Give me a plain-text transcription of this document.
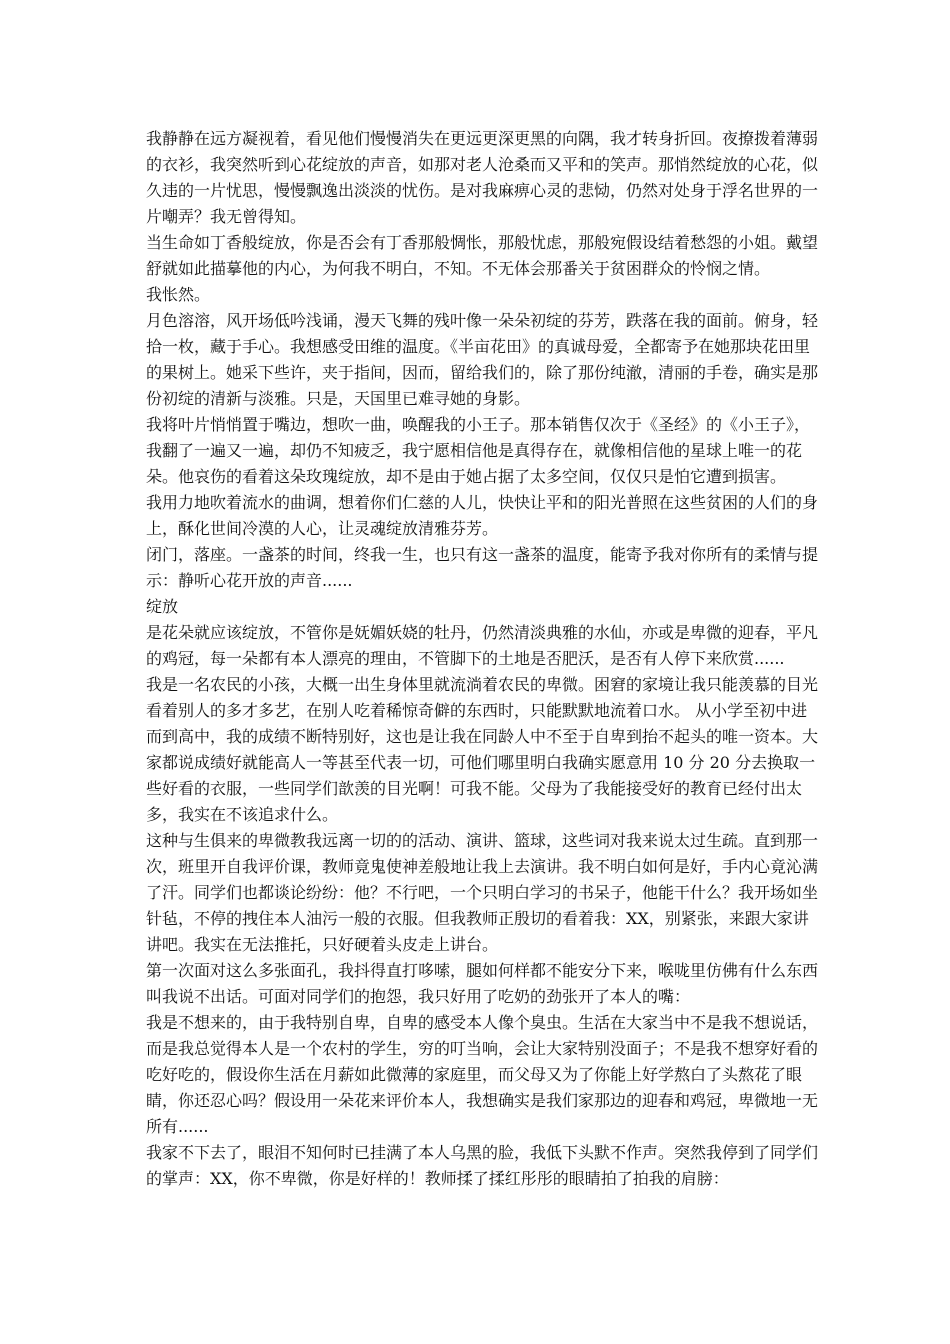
我静静在远方凝视着，看见他们慢慢消失在更远更深更黑的向隅，我才转身折回。夜撩拨着薄弱的衣衫，我突然听到心花绽放的声音，如那对老人沧桑而又平和的笑声。那悄然绽放的心花，似久违的一片忧思，慢慢飘逸出淡淡的忧伤。是对我麻痹心灵的悲恸，仍然对处身于浮名世界的一片嘲弄？我无曾得知。

当生命如丁香般绽放，你是否会有丁香那般惆怅，那般忧虑，那般宛假设结着愁怨的小姐。戴望舒就如此描摹他的内心，为何我不明白，不知。不无体会那番关于贫困群众的怜悯之情。

我怅然。

月色溶溶，风开场低吟浅诵，漫天飞舞的残叶像一朵朵初绽的芬芳，跌落在我的面前。俯身，轻拾一枚，藏于手心。我想感受田维的温度。《半亩花田》的真诚母爱，全都寄予在她那块花田里的果树上。她采下些许，夹于指间，因而，留给我们的，除了那份纯澈，清丽的手卷，确实是那份初绽的清新与淡雅。只是，天国里已难寻她的身影。

我将叶片悄悄置于嘴边，想吹一曲，唤醒我的小王子。那本销售仅次于《圣经》的《小王子》，我翻了一遍又一遍，却仍不知疲乏，我宁愿相信他是真得存在，就像相信他的星球上唯一的花朵。他哀伤的看着这朵玫瑰绽放，却不是由于她占据了太多空间，仅仅只是怕它遭到损害。

我用力地吹着流水的曲调，想着你们仁慈的人儿，快快让平和的阳光普照在这些贫困的人们的身上，酥化世间冷漠的人心，让灵魂绽放清雅芬芳。

闭门，落座。一盏茶的时间，终我一生，也只有这一盏茶的温度，能寄予我对你所有的柔情与提示：静听心花开放的声音......

绽放

是花朵就应该绽放，不管你是妩媚妖娆的牡丹，仍然清淡典雅的水仙，亦或是卑微的迎春，平凡的鸡冠，每一朵都有本人漂亮的理由，不管脚下的土地是否肥沃，是否有人停下来欣赏......

我是一名农民的小孩，大概一出生身体里就流淌着农民的卑微。困窘的家境让我只能羡慕的目光看着别人的多才多艺，在别人吃着稀惊奇僻的东西时，只能默默地流着口水。 从小学至初中进而到高中，我的成绩不断特别好，这也是让我在同龄人中不至于自卑到抬不起头的唯一资本。大家都说成绩好就能高人一等甚至代表一切，可他们哪里明白我确实愿意用 10 分 20 分去换取一些好看的衣服，一些同学们歆羡的目光啊！可我不能。父母为了我能接受好的教育已经付出太多，我实在不该追求什么。

这种与生俱来的卑微教我远离一切的的活动、演讲、篮球，这些词对我来说太过生疏。直到那一次，班里开自我评价课，教师竟鬼使神差般地让我上去演讲。我不明白如何是好，手内心竟沁满了汗。同学们也都谈论纷纷：他？不行吧，一个只明白学习的书呆子，他能干什么？我开场如坐针毡，不停的拽住本人油污一般的衣服。但我教师正殷切的看着我：XX，别紧张，来跟大家讲讲吧。我实在无法推托，只好硬着头皮走上讲台。

第一次面对这么多张面孔，我抖得直打哆嗦，腿如何样都不能安分下来，喉咙里仿佛有什么东西叫我说不出话。可面对同学们的抱怨，我只好用了吃奶的劲张开了本人的嘴：

我是不想来的，由于我特别自卑，自卑的感受本人像个臭虫。生活在大家当中不是我不想说话，而是我总觉得本人是一个农村的学生，穷的叮当响，会让大家特别没面子；不是我不想穿好看的吃好吃的，假设你生活在月薪如此微薄的家庭里，而父母又为了你能上好学熬白了头熬花了眼睛，你还忍心吗？假设用一朵花来评价本人，我想确实是我们家那边的迎春和鸡冠，卑微地一无所有......

我家不下去了，眼泪不知何时已挂满了本人乌黑的脸，我低下头默不作声。突然我停到了同学们的掌声：XX，你不卑微，你是好样的！教师揉了揉红彤彤的眼睛拍了拍我的肩膀：
